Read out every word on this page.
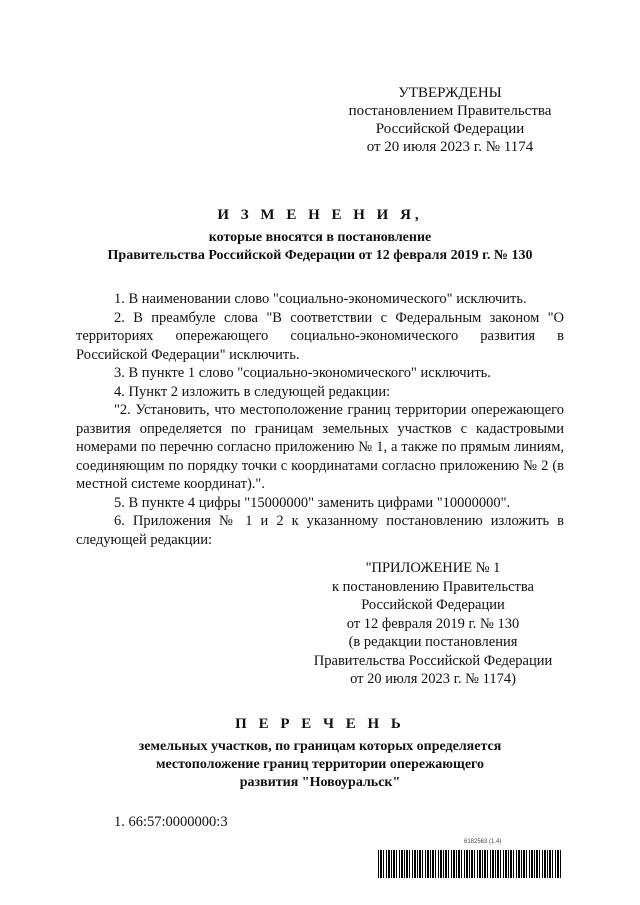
УТВЕРЖДЕНЫ
постановлением Правительства
Российской Федерации
от 20 июля 2023 г. № 1174
И З М Е Н Е Н И Я,
которые вносятся в постановление
Правительства Российской Федерации от 12 февраля 2019 г. № 130

1. В наименовании слово "социально-экономического" исключить.

2. В преамбуле слова "В соответствии с Федеральным законом "О территориях опережающего социально-экономического развития в Российской Федерации" исключить.

3. В пункте 1 слово "социально-экономического" исключить.

4. Пункт 2 изложить в следующей редакции:

"2. Установить, что местоположение границ территории опережающего развития определяется по границам земельных участков с кадастровыми номерами по перечню согласно приложению № 1, а также по прямым линиям, соединяющим по порядку точки с координатами согласно приложению № 2 (в местной системе координат).".

5. В пункте 4 цифры "15000000" заменить цифрами "10000000".

6. Приложения № 1 и 2 к указанному постановлению изложить в следующей редакции:

"ПРИЛОЖЕНИЕ № 1
к постановлению Правительства
Российской Федерации
от 12 февраля 2019 г. № 130
(в редакции постановления
Правительства Российской Федерации
от 20 июля 2023 г. № 1174)
П Е Р Е Ч Е Н Ь
земельных участков, по границам которых определяется
местоположение границ территории опережающего
развития "Новоуральск"
1. 66:57:0000000:3
6182563 (1.4)
